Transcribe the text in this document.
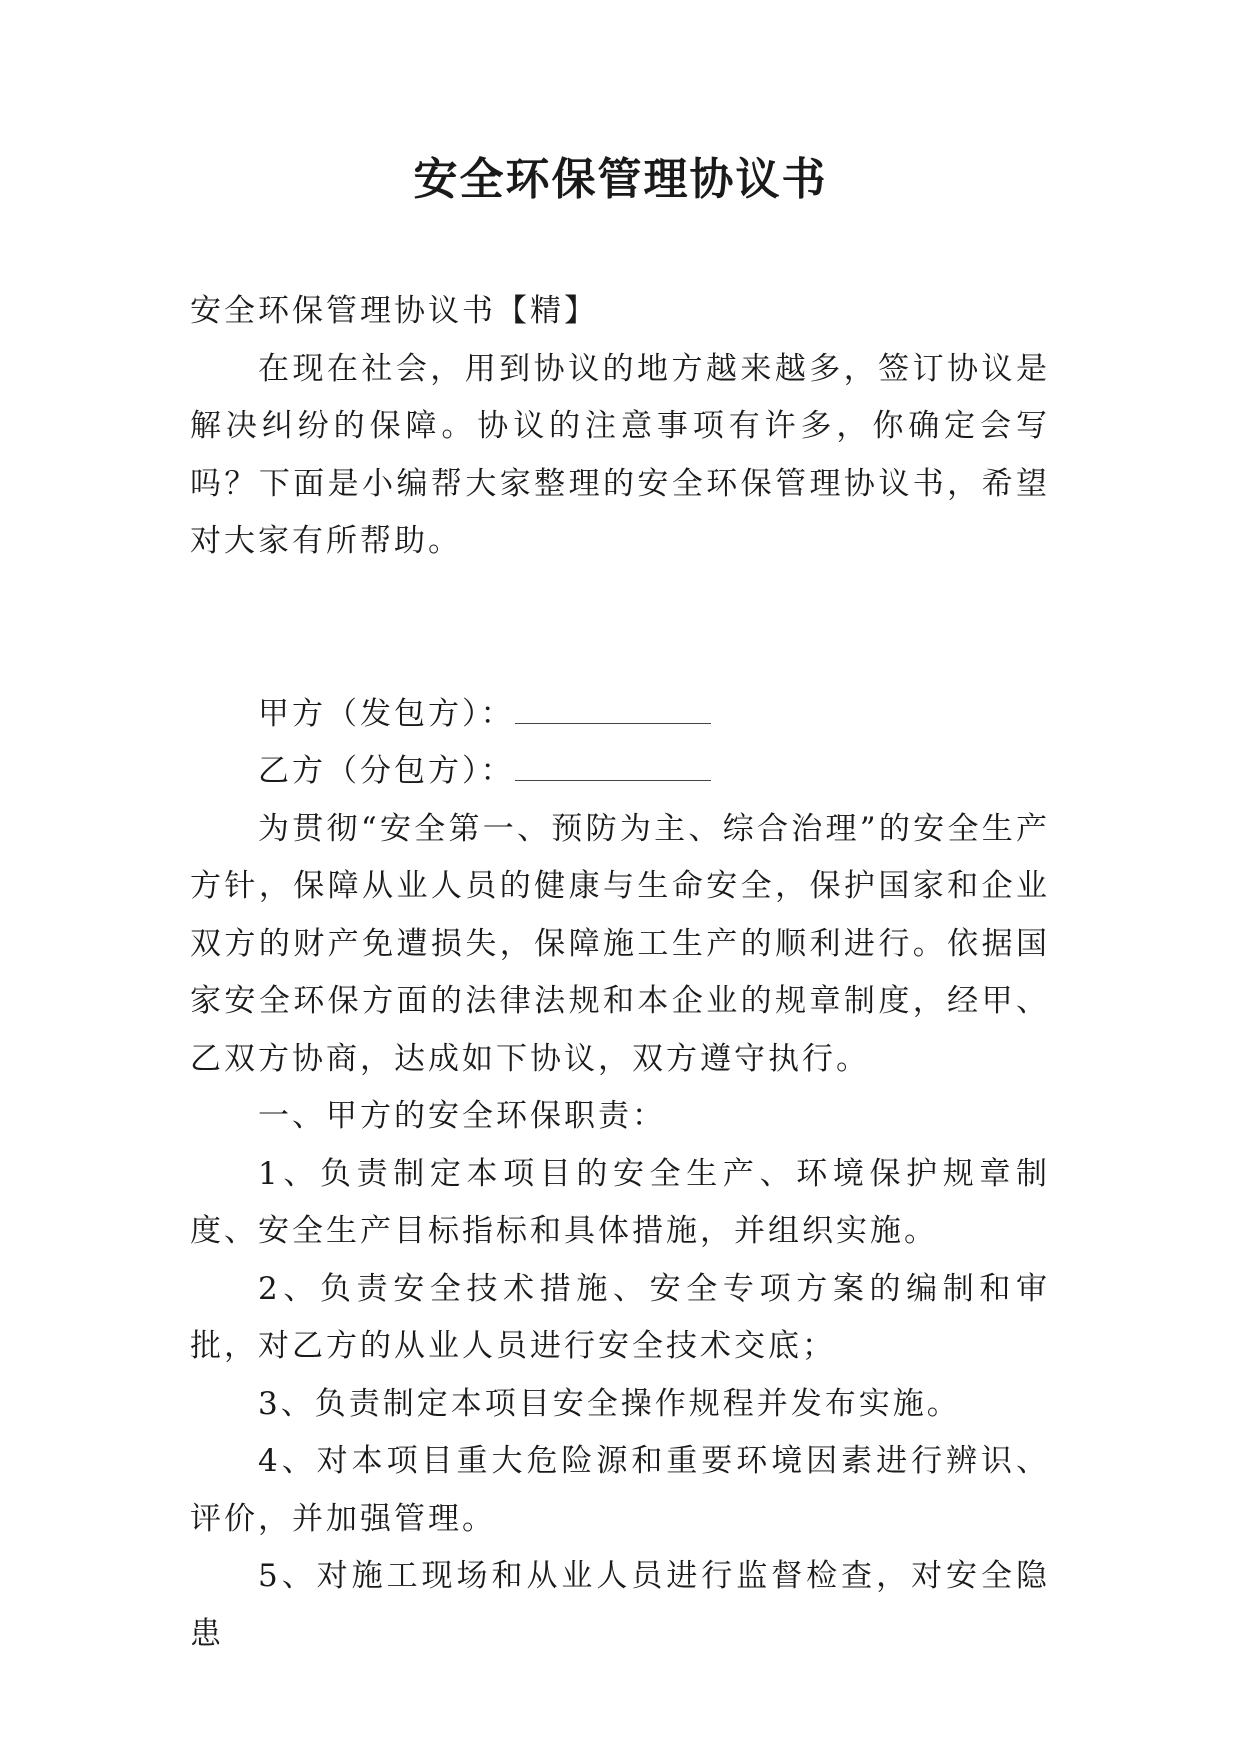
安全环保管理协议书

安全环保管理协议书【精】

在现在社会，用到协议的地方越来越多，签订协议是解决纠纷的保障。协议的注意事项有许多，你确定会写吗？下面是小编帮大家整理的安全环保管理协议书，希望对大家有所帮助。

甲方（发包方）：

乙方（分包方）：

为贯彻“安全第一、预防为主、综合治理”的安全生产方针，保障从业人员的健康与生命安全，保护国家和企业双方的财产免遭损失，保障施工生产的顺利进行。依据国家安全环保方面的法律法规和本企业的规章制度，经甲、乙双方协商，达成如下协议，双方遵守执行。

一、甲方的安全环保职责：

1、负责制定本项目的安全生产、环境保护规章制度、安全生产目标指标和具体措施，并组织实施。

2、负责安全技术措施、安全专项方案的编制和审批，对乙方的从业人员进行安全技术交底；

3、负责制定本项目安全操作规程并发布实施。

4、对本项目重大危险源和重要环境因素进行辨识、评价，并加强管理。

5、对施工现场和从业人员进行监督检查，对安全隐患
